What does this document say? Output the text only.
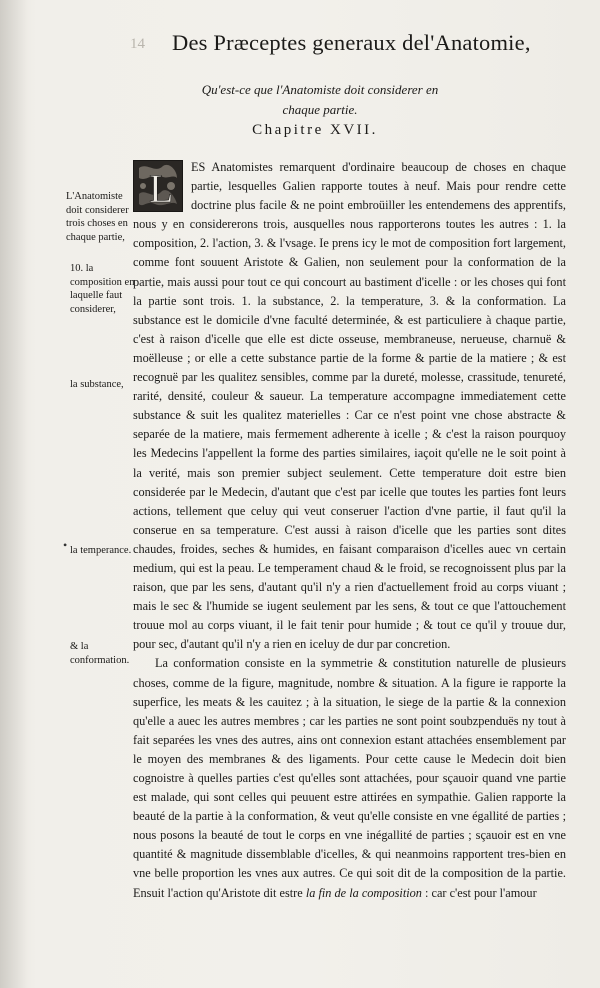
14 Des Præceptes generaux del'Anatomie,
Qu'est-ce que l'Anatomiste doit considerer en
chaque partie.
Chapitre XVII.

L ES Anatomistes remarquent d'ordinaire beaucoup de choses en chaque partie, lesquelles Galien rapporte toutes à neuf. Mais pour rendre cette doctrine plus facile & ne point embroüiller les entendemens des apprentifs, nous y en considererons trois, ausquelles nous rapporterons toutes les autres : 1. la composition, 2. l'action, 3. & l'vsage. Ie prens icy le mot de composition fort largement, comme font souuent Aristote & Galien, non seulement pour la conformation de la partie, mais aussi pour tout ce qui concourt au bastiment d'icelle : or les choses qui font la partie sont trois. 1. la substance, 2. la temperature, 3. & la conformation. La substance est le domicile d'vne faculté determinée, & est particuliere à chaque partie, c'est à raison d'icelle que elle est dicte osseuse, membraneuse, nerueuse, charnuë & moëlleuse ; or elle a cette substance partie de la forme & partie de la matiere ; & est recognuë par les qualitez sensibles, comme par la dureté, molesse, crassitude, tenureté, rarité, densité, couleur & saueur. La temperature accompagne immediatement cette substance & suit les qualitez materielles : Car ce n'est point vne chose abstracte & separée de la matiere, mais fermement adherente à icelle ; & c'est la raison pourquoy les Medecins l'appellent la forme des parties similaires, iaçoit qu'elle ne le soit point à la verité, mais son premier subject seulement. Cette temperature doit estre bien considerée par le Medecin, d'autant que c'est par icelle que toutes les parties font leurs actions, tellement que celuy qui veut conseruer l'action d'vne partie, il faut qu'il la conserue en sa temperature. C'est aussi à raison d'icelle que les parties sont dites chaudes, froides, seches & humides, en faisant comparaison d'icelles auec vn certain medium, qui est la peau. Le temperament chaud & le froid, se recognoissent plus par la raison, que par les sens, d'autant qu'il n'y a rien d'actuellement froid au corps viuant ; mais le sec & l'humide se iugent seulement par les sens, & tout ce que l'attouchement trouue mol au corps viuant, il le fait tenir pour humide ; & tout ce qu'il y trouue dur, pour sec, d'autant qu'il n'y a rien en iceluy de dur par concretion.

La conformation consiste en la symmetrie & constitution naturelle de plusieurs choses, comme de la figure, magnitude, nombre & situation. A la figure ie rapporte la superfice, les meats & les cauitez ; à la situation, le siege de la partie & la connexion qu'elle a auec les autres membres ; car les parties ne sont point soubzpenduës ny tout à fait separées les vnes des autres, ains ont connexion estant attachées ensemblement par le moyen des membranes & des ligaments. Pour cette cause le Medecin doit bien cognoistre à quelles parties c'est qu'elles sont attachées, pour sçauoir quand vne partie est malade, qui sont celles qui peuuent estre attirées en sympathie. Galien rapporte la beauté de la partie à la conformation, & veut qu'elle consiste en vne égallité de parties ; nous posons la beauté de tout le corps en vne inégallité de parties ; sçauoir est en vne quantité & magnitude dissemblable d'icelles, & qui neanmoins rapportent tres-bien en vne belle proportion les vnes aux autres. Ce qui soit dit de la composition de la partie. Ensuit l'action qu'Aristote dit estre la fin de la composition : car c'est pour l'amour

L'Anatomiste doit considerer trois choses en chaque partie,
10. la composition en laquelle faut considerer,
la substance,
la temperance.
& la conformation.
•
